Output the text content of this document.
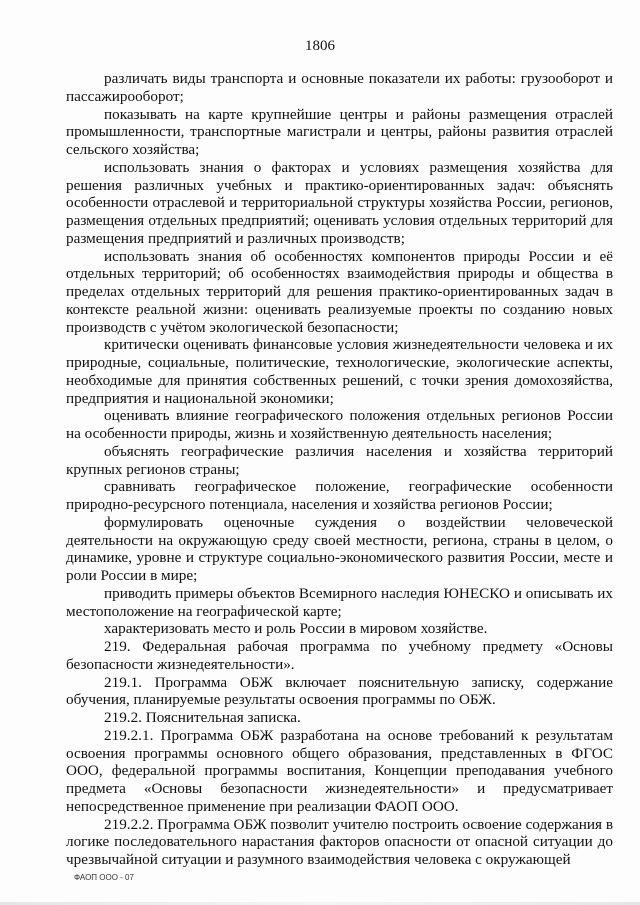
1806

различать виды транспорта и основные показатели их работы: грузооборот и пассажирооборот;

показывать на карте крупнейшие центры и районы размещения отраслей промышленности, транспортные магистрали и центры, районы развития отраслей сельского хозяйства;

использовать знания о факторах и условиях размещения хозяйства для решения различных учебных и практико-ориентированных задач: объяснять особенности отраслевой и территориальной структуры хозяйства России, регионов, размещения отдельных предприятий; оценивать условия отдельных территорий для размещения предприятий и различных производств;

использовать знания об особенностях компонентов природы России и её отдельных территорий; об особенностях взаимодействия природы и общества в пределах отдельных территорий для решения практико-ориентированных задач в контексте реальной жизни: оценивать реализуемые проекты по созданию новых производств с учётом экологической безопасности;

критически оценивать финансовые условия жизнедеятельности человека и их природные, социальные, политические, технологические, экологические аспекты, необходимые для принятия собственных решений, с точки зрения домохозяйства, предприятия и национальной экономики;

оценивать влияние географического положения отдельных регионов России на особенности природы, жизнь и хозяйственную деятельность населения;

объяснять географические различия населения и хозяйства территорий крупных регионов страны;

сравнивать географическое положение, географические особенности природно-ресурсного потенциала, населения и хозяйства регионов России;

формулировать оценочные суждения о воздействии человеческой деятельности на окружающую среду своей местности, региона, страны в целом, о динамике, уровне и структуре социально-экономического развития России, месте и роли России в мире;

приводить примеры объектов Всемирного наследия ЮНЕСКО и описывать их местоположение на географической карте;

характеризовать место и роль России в мировом хозяйстве.

219. Федеральная рабочая программа по учебному предмету «Основы безопасности жизнедеятельности».

219.1. Программа ОБЖ включает пояснительную записку, содержание обучения, планируемые результаты освоения программы по ОБЖ.

219.2. Пояснительная записка.

219.2.1. Программа ОБЖ разработана на основе требований к результатам освоения программы основного общего образования, представленных в ФГОС ООО, федеральной программы воспитания, Концепции преподавания учебного предмета «Основы безопасности жизнедеятельности» и предусматривает непосредственное применение при реализации ФАОП ООО.

219.2.2. Программа ОБЖ позволит учителю построить освоение содержания в логике последовательного нарастания факторов опасности от опасной ситуации до чрезвычайной ситуации и разумного взаимодействия человека с окружающей

ФАОП ООО - 07
